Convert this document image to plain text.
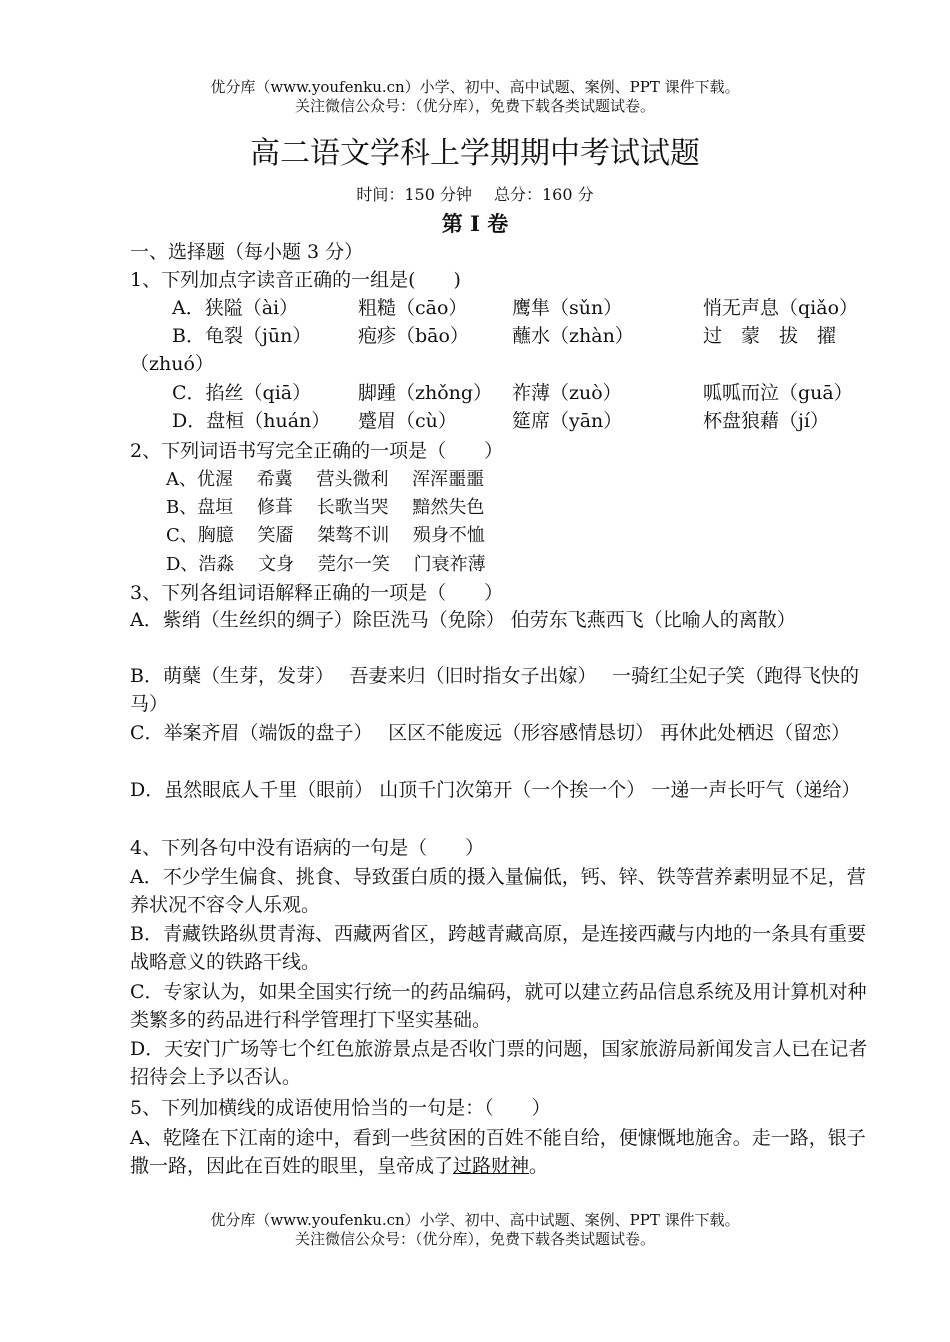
优分库（www.youfenku.cn）小学、初中、高中试题、案例、PPT 课件下载。
关注微信公众号：（优分库），免费下载各类试题试卷。
高二语文学科上学期期中考试试题
时间：150 分钟 总分：160 分
第 I 卷
一、选择题（每小题 3 分）
1、下列加点字读音正确的一组是(　　)
A．狭隘（ài）	粗糙（cāo） 鹰隼（sǔn）	悄无声息（qiǎo）
B．龟裂（jūn） 疱疹（bāo） 蘸水（zhàn）	过　蒙　拔　擢
（zhuó）
C．掐丝（qiā） 脚踵（zhǒng） 祚薄（zuò）	呱呱而泣（guā）
D．盘桓（huán） 蹙眉（cù）	筵席（yān）	杯盘狼藉（jí）
2、下列词语书写完全正确的一项是（　　）
A、优渥　 希冀　 营头微利　 浑浑噩噩
B、盘垣　 修葺　 长歌当哭　 黯然失色
C、胸臆　 笑靥　 桀骜不训　 殒身不恤
D、浩淼　 文身　 莞尔一笑　 门衰祚薄
3、下列各组词语解释正确的一项是（　　）
A．紫绡（生丝织的绸子）除臣洗马（免除） 伯劳东飞燕西飞（比喻人的离散）
B．萌蘖（生芽，发芽）　 吾妻来归（旧时指女子出嫁）　 一骑红尘妃子笑（跑得飞快的马）
C．举案齐眉（端饭的盘子）　 区区不能废远（形容感情恳切） 再休此处栖迟（留恋）
D．虽然眼底人千里（眼前） 山顶千门次第开（一个挨一个） 一递一声长吁气（递给）
4、下列各句中没有语病的一句是（　　）
A．不少学生偏食、挑食、导致蛋白质的摄入量偏低，钙、锌、铁等营养素明显不足，营养状况不容令人乐观。
B．青藏铁路纵贯青海、西藏两省区，跨越青藏高原，是连接西藏与内地的一条具有重要战略意义的铁路干线。
C．专家认为，如果全国实行统一的药品编码，就可以建立药品信息系统及用计算机对种类繁多的药品进行科学管理打下坚实基础。
D．天安门广场等七个红色旅游景点是否收门票的问题，国家旅游局新闻发言人已在记者招待会上予以否认。
5、下列加横线的成语使用恰当的一句是：（　　）
A、乾隆在下江南的途中，看到一些贫困的百姓不能自给，便慷慨地施舍。走一路，银子撒一路，因此在百姓的眼里，皇帝成了过路财神。
优分库（www.youfenku.cn）小学、初中、高中试题、案例、PPT 课件下载。
关注微信公众号：（优分库），免费下载各类试题试卷。
